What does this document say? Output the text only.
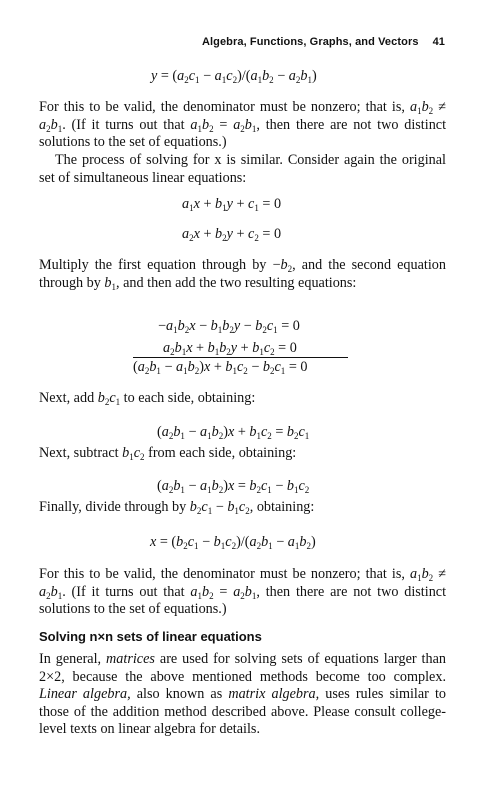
Algebra, Functions, Graphs, and Vectors 41
$y = (a_2c_1 - a_1c_2)/(a_1b_2 - a_2b_1)$

For this to be valid, the denominator must be nonzero; that is, $a_1b_2 \ne a_2b_1$. (If it turns out that $a_1b_2 = a_2b_1$, then there are not two distinct solutions to the set of equations.)

The process of solving for x is similar. Consider again the original set of simultaneous linear equations:

$a_1x + b_1y + c_1 = 0$
$a_2x + b_2y + c_2 = 0$

Multiply the first equation through by $-b_2$, and the second equation through by $b_1$, and then add the two resulting equations:

$-a_1b_2x - b_1b_2y - b_2c_1 = 0$
$a_2b_1x + b_1b_2y + b_1c_2 = 0$
$(a_2b_1 - a_1b_2)x + b_1c_2 - b_2c_1 = 0$

Next, add $b_2c_1$ to each side, obtaining:

$(a_2b_1 - a_1b_2)x + b_1c_2 = b_2c_1$

Next, subtract $b_1c_2$ from each side, obtaining:

$(a_2b_1 - a_1b_2)x = b_2c_1 - b_1c_2$

Finally, divide through by $b_2c_1 - b_1c_2$, obtaining:

$x = (b_2c_1 - b_1c_2)/(a_2b_1 - a_1b_2)$

For this to be valid, the denominator must be nonzero; that is, $a_1b_2 \ne a_2b_1$. (If it turns out that $a_1b_2 = a_2b_1$, then there are not two distinct solutions to the set of equations.)

Solving n×n sets of linear equations

In general, matrices are used for solving sets of equations larger than 2×2, because the above mentioned methods become too complex. Linear algebra, also known as matrix algebra, uses rules similar to those of the addition method described above. Please consult college-level texts on linear algebra for details.
